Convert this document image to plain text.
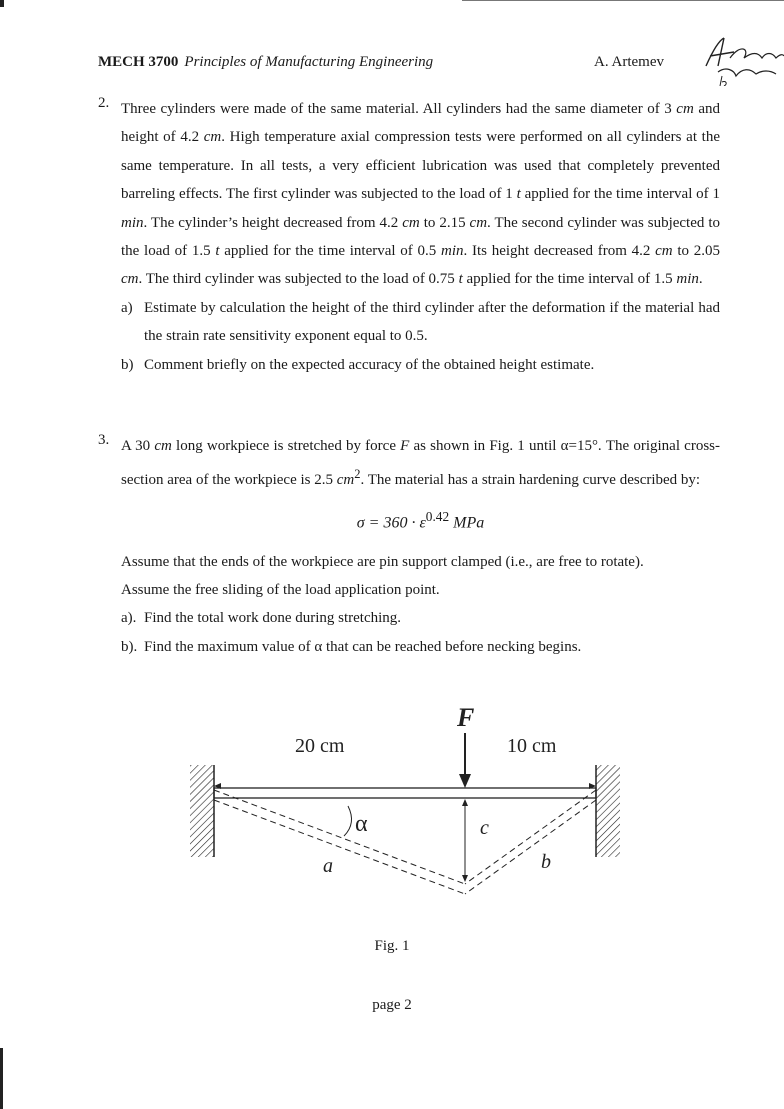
MECH 3700 Principles of Manufacturing Engineering	A. Artemev
2. Three cylinders were made of the same material. All cylinders had the same diameter of 3 cm and height of 4.2 cm. High temperature axial compression tests were performed on all cylinders at the same temperature. In all tests, a very efficient lubrication was used that completely prevented barreling effects. The first cylinder was subjected to the load of 1 t applied for the time interval of 1 min. The cylinder’s height decreased from 4.2 cm to 2.15 cm. The second cylinder was subjected to the load of 1.5 t applied for the time interval of 0.5 min. Its height decreased from 4.2 cm to 2.05 cm. The third cylinder was subjected to the load of 0.75 t applied for the time interval of 1.5 min.

a) Estimate by calculation the height of the third cylinder after the deformation if the material had the strain rate sensitivity exponent equal to 0.5.
b) Comment briefly on the expected accuracy of the obtained height estimate.
3. A 30 cm long workpiece is stretched by force F as shown in Fig. 1 until α=15°. The original cross-section area of the workpiece is 2.5 $cm^2$. The material has a strain hardening curve described by:

$\sigma = 360 \cdot \varepsilon^{0.42}$ MPa

Assume that the ends of the workpiece are pin support clamped (i.e., are free to rotate).

Assume the free sliding of the load application point.

a). Find the total work done during stretching.
b). Find the maximum value of α that can be reached before necking begins.
F
20 cm	10 cm
α
a	b
c
Fig. 1
page 2
